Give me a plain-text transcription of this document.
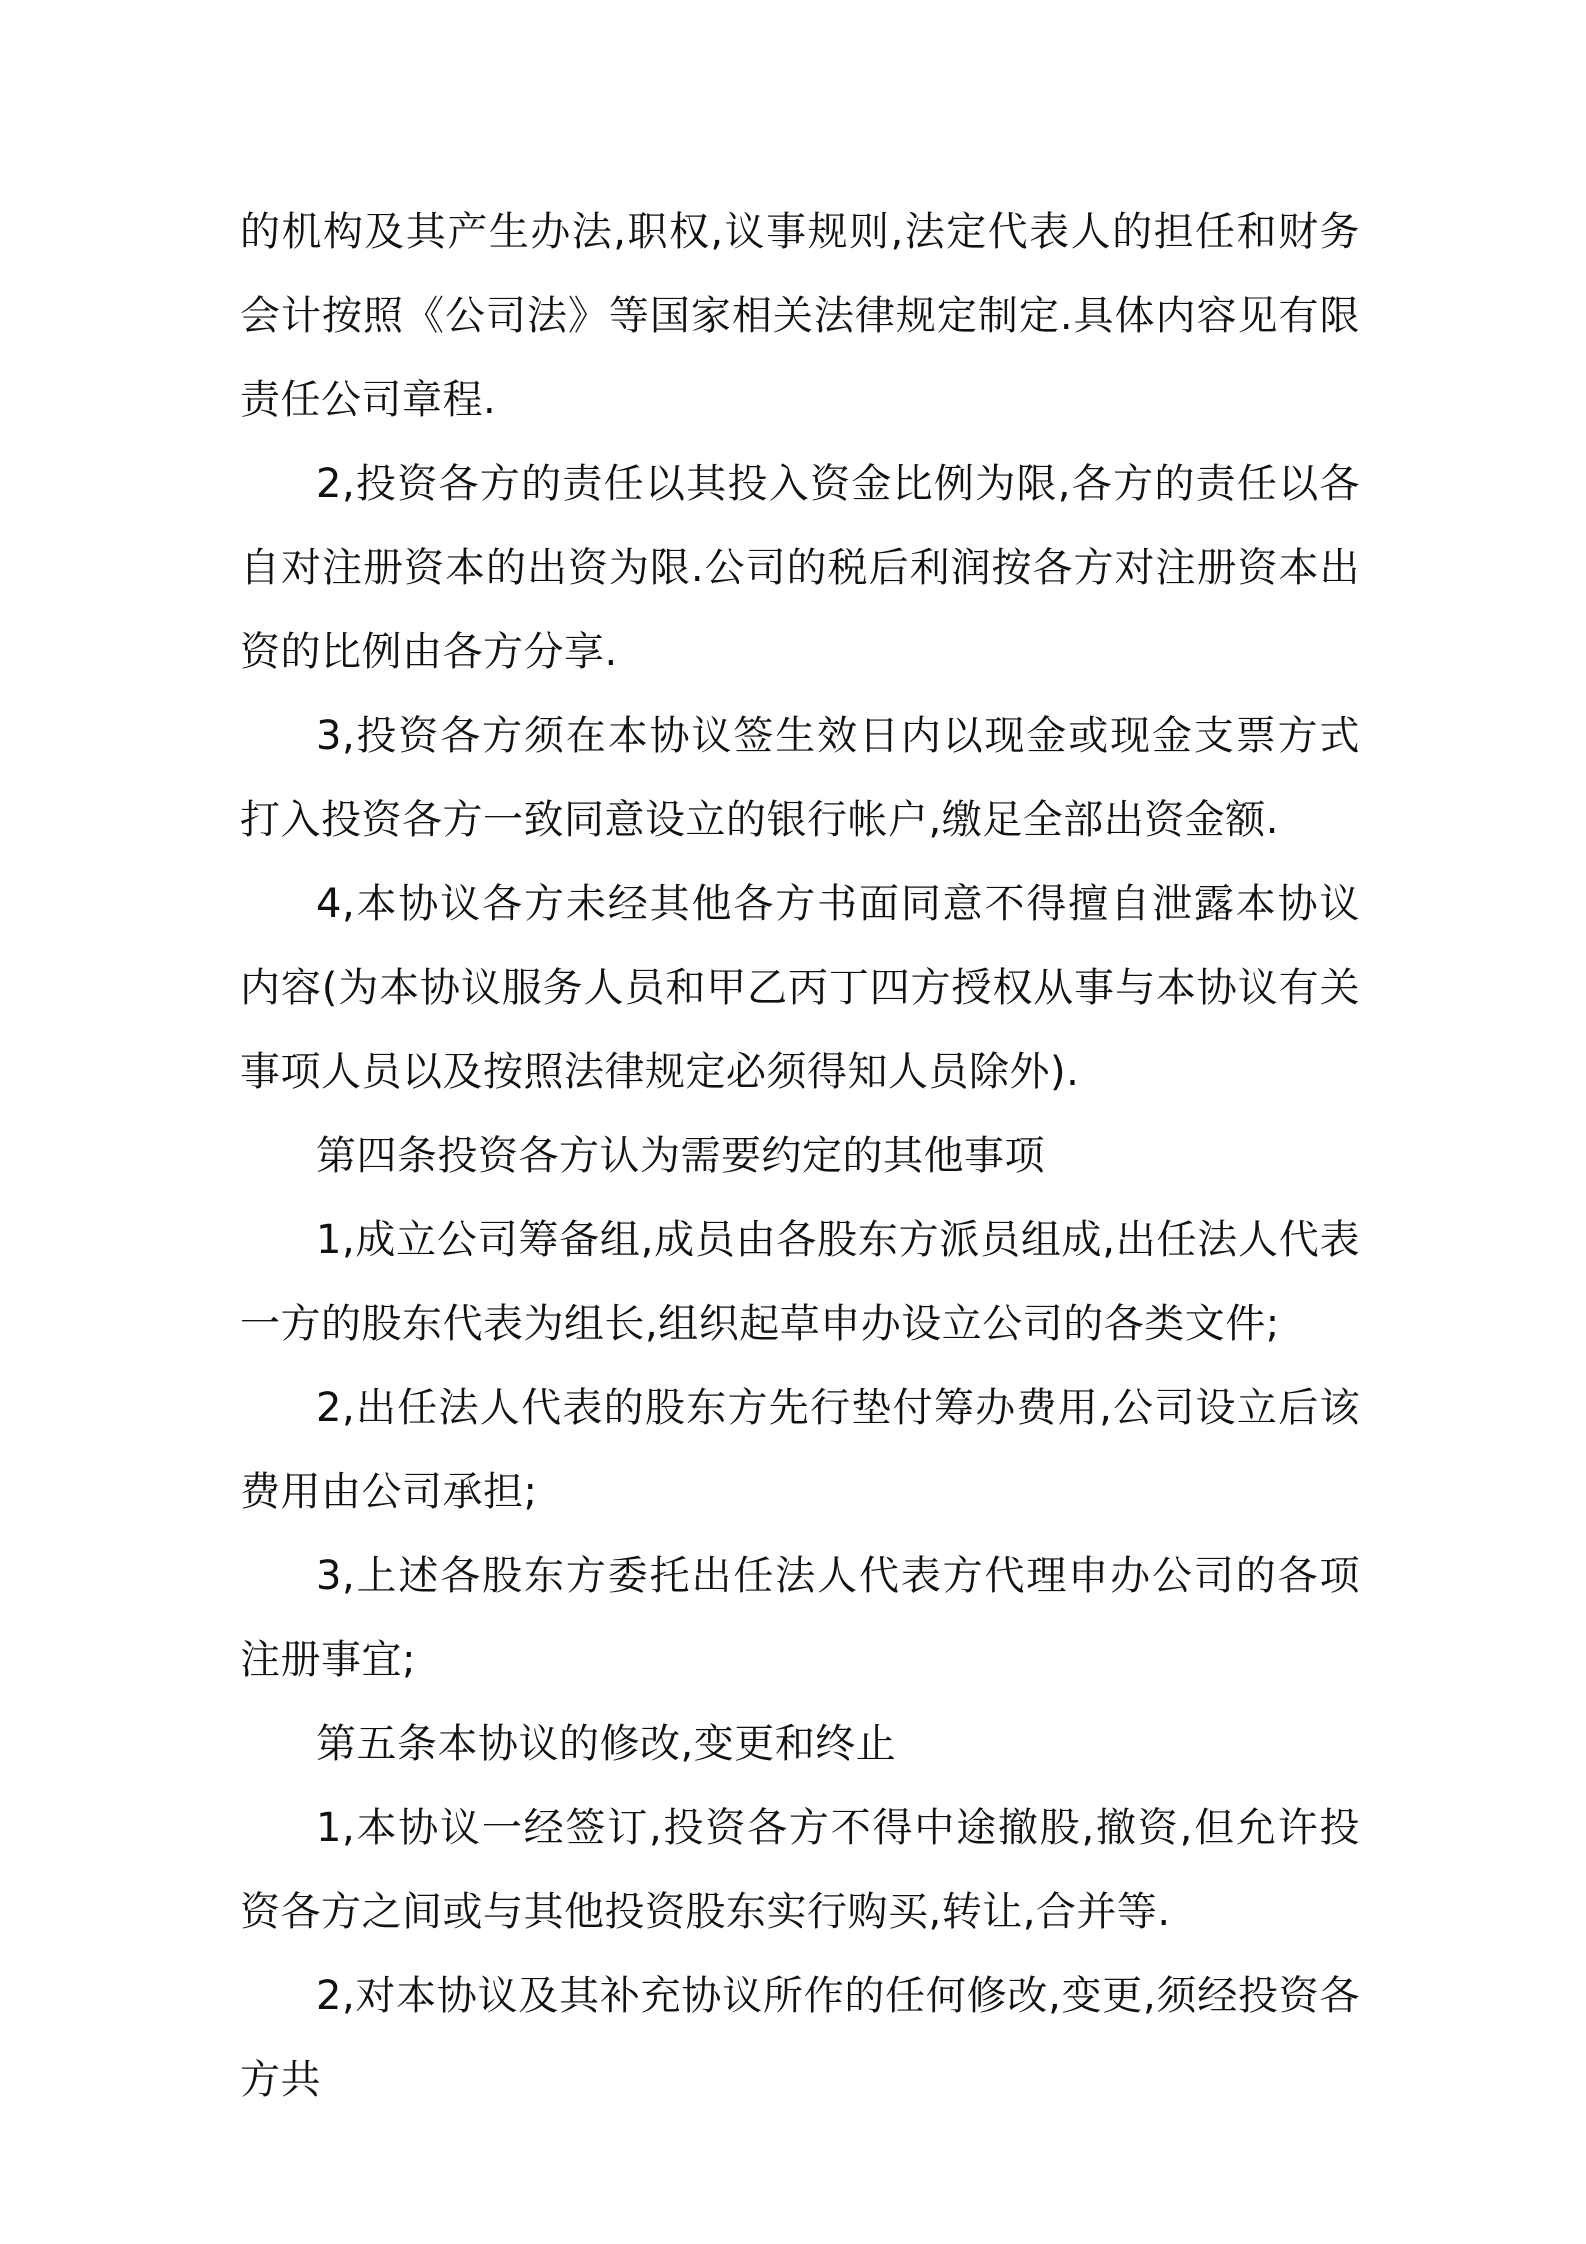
的机构及其产生办法,职权,议事规则,法定代表人的担任和财务会计按照《公司法》等国家相关法律规定制定.具体内容见有限责任公司章程.

2,投资各方的责任以其投入资金比例为限,各方的责任以各自对注册资本的出资为限.公司的税后利润按各方对注册资本出资的比例由各方分享.

3,投资各方须在本协议签生效日内以现金或现金支票方式打入投资各方一致同意设立的银行帐户,缴足全部出资金额.

4,本协议各方未经其他各方书面同意不得擅自泄露本协议内容(为本协议服务人员和甲乙丙丁四方授权从事与本协议有关事项人员以及按照法律规定必须得知人员除外).

第四条投资各方认为需要约定的其他事项

1,成立公司筹备组,成员由各股东方派员组成,出任法人代表一方的股东代表为组长,组织起草申办设立公司的各类文件;

2,出任法人代表的股东方先行垫付筹办费用,公司设立后该费用由公司承担;

3,上述各股东方委托出任法人代表方代理申办公司的各项注册事宜;

第五条本协议的修改,变更和终止

1,本协议一经签订,投资各方不得中途撤股,撤资,但允许投资各方之间或与其他投资股东实行购买,转让,合并等.

2,对本协议及其补充协议所作的任何修改,变更,须经投资各方共
